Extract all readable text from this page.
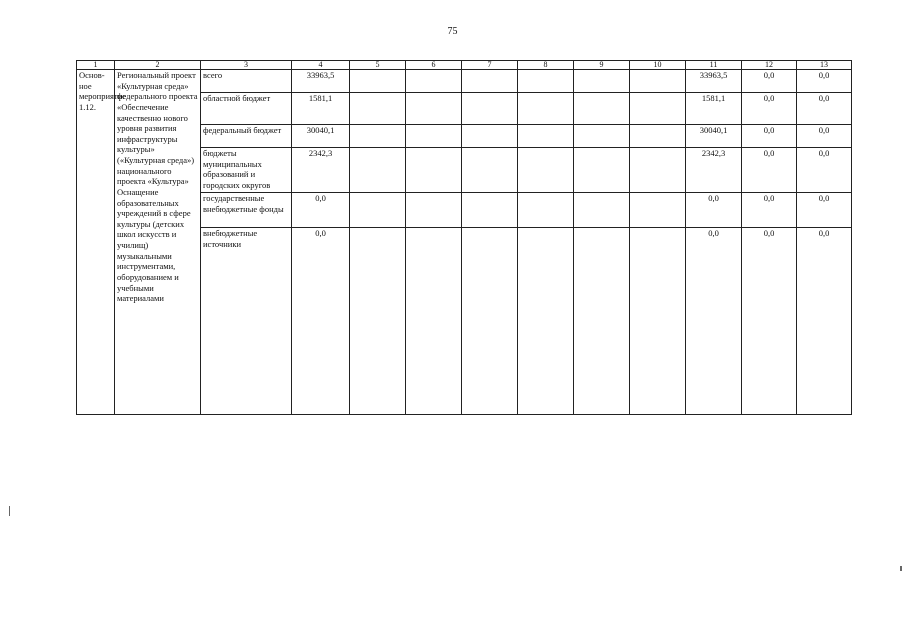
75
1	2	3	4	5	6	7	8	9	10	11	12	13
Основ-ное мероприятие 1.12.	Региональный проект «Культурная среда» федерального проекта «Обеспечение качественно нового уровня развития инфраструктуры культуры» («Культурная среда») национального проекта «Культура» Оснащение образовательных учреждений в сфере культуры (детских школ искусств и училищ) музыкальными инструментами, оборудованием и учебными материалами	всего	33963,5							33963,5	0,0	0,0
		областной бюджет	1581,1							1581,1	0,0	0,0
		федеральный бюджет	30040,1							30040,1	0,0	0,0
		бюджеты муниципальных образований и городских округов	2342,3							2342,3	0,0	0,0
		государственные внебюджетные фонды	0,0							0,0	0,0	0,0
		внебюджетные источники	0,0							0,0	0,0	0,0
